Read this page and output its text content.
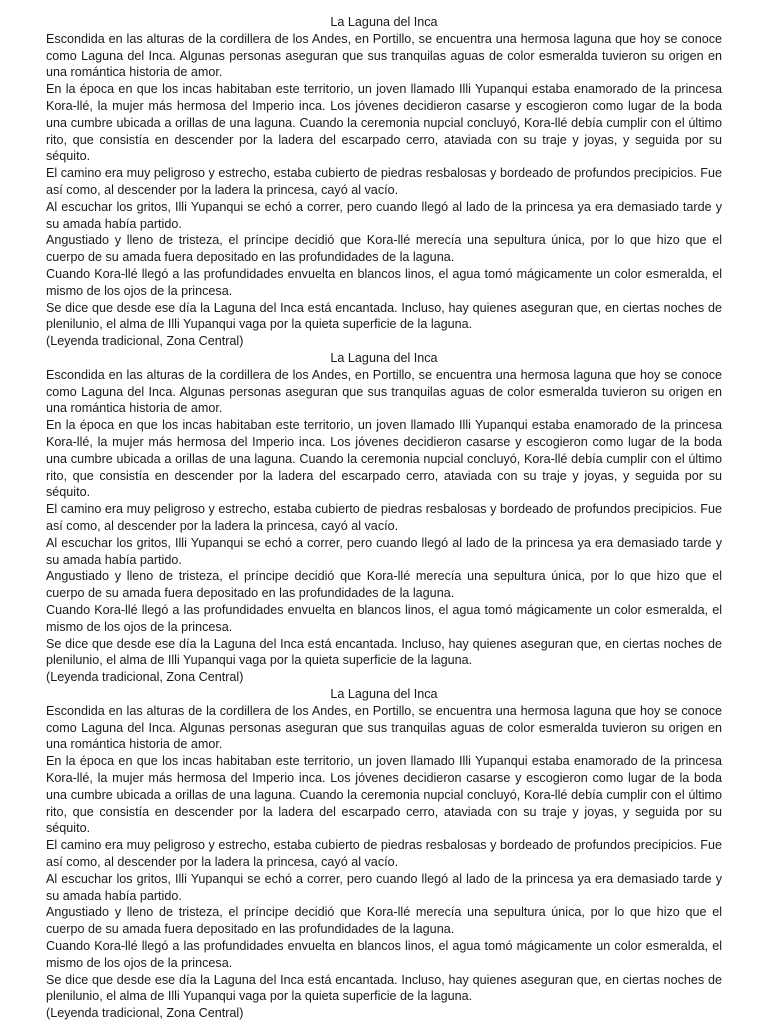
La Laguna del Inca

Escondida en las alturas de la cordillera de los Andes, en Portillo, se encuentra una hermosa laguna que hoy se conoce como Laguna del Inca. Algunas personas aseguran que sus tranquilas aguas de color esmeralda tuvieron su origen en una romántica historia de amor.

En la época en que los incas habitaban este territorio, un joven llamado Illi Yupanqui estaba enamorado de la princesa Kora-llé, la mujer más hermosa del Imperio inca. Los jóvenes decidieron casarse y escogieron como lugar de la boda una cumbre ubicada a orillas de una laguna. Cuando la ceremonia nupcial concluyó, Kora-llé debía cumplir con el último rito, que consistía en descender por la ladera del escarpado cerro, ataviada con su traje y joyas, y seguida por su séquito.

El camino era muy peligroso y estrecho, estaba cubierto de piedras resbalosas y bordeado de profundos precipicios. Fue así como, al descender por la ladera la princesa, cayó al vacío.

Al escuchar los gritos, Illi Yupanqui se echó a correr, pero cuando llegó al lado de la princesa ya era demasiado tarde y su amada había partido.

Angustiado y lleno de tristeza, el príncipe decidió que Kora-llé merecía una sepultura única, por lo que hizo que el cuerpo de su amada fuera depositado en las profundidades de la laguna.

Cuando Kora-llé llegó a las profundidades envuelta en blancos linos, el agua tomó mágicamente un color esmeralda, el mismo de los ojos de la princesa.

Se dice que desde ese día la Laguna del Inca está encantada. Incluso, hay quienes aseguran que, en ciertas noches de plenilunio, el alma de Illi Yupanqui vaga por la quieta superficie de la laguna.

(Leyenda tradicional, Zona Central)

La Laguna del Inca

Escondida en las alturas de la cordillera de los Andes, en Portillo, se encuentra una hermosa laguna que hoy se conoce como Laguna del Inca. Algunas personas aseguran que sus tranquilas aguas de color esmeralda tuvieron su origen en una romántica historia de amor.

En la época en que los incas habitaban este territorio, un joven llamado Illi Yupanqui estaba enamorado de la princesa Kora-llé, la mujer más hermosa del Imperio inca. Los jóvenes decidieron casarse y escogieron como lugar de la boda una cumbre ubicada a orillas de una laguna. Cuando la ceremonia nupcial concluyó, Kora-llé debía cumplir con el último rito, que consistía en descender por la ladera del escarpado cerro, ataviada con su traje y joyas, y seguida por su séquito.

El camino era muy peligroso y estrecho, estaba cubierto de piedras resbalosas y bordeado de profundos precipicios. Fue así como, al descender por la ladera la princesa, cayó al vacío.

Al escuchar los gritos, Illi Yupanqui se echó a correr, pero cuando llegó al lado de la princesa ya era demasiado tarde y su amada había partido.

Angustiado y lleno de tristeza, el príncipe decidió que Kora-llé merecía una sepultura única, por lo que hizo que el cuerpo de su amada fuera depositado en las profundidades de la laguna.

Cuando Kora-llé llegó a las profundidades envuelta en blancos linos, el agua tomó mágicamente un color esmeralda, el mismo de los ojos de la princesa.

Se dice que desde ese día la Laguna del Inca está encantada. Incluso, hay quienes aseguran que, en ciertas noches de plenilunio, el alma de Illi Yupanqui vaga por la quieta superficie de la laguna.

(Leyenda tradicional, Zona Central)

La Laguna del Inca

Escondida en las alturas de la cordillera de los Andes, en Portillo, se encuentra una hermosa laguna que hoy se conoce como Laguna del Inca. Algunas personas aseguran que sus tranquilas aguas de color esmeralda tuvieron su origen en una romántica historia de amor.

En la época en que los incas habitaban este territorio, un joven llamado Illi Yupanqui estaba enamorado de la princesa Kora-llé, la mujer más hermosa del Imperio inca. Los jóvenes decidieron casarse y escogieron como lugar de la boda una cumbre ubicada a orillas de una laguna. Cuando la ceremonia nupcial concluyó, Kora-llé debía cumplir con el último rito, que consistía en descender por la ladera del escarpado cerro, ataviada con su traje y joyas, y seguida por su séquito.

El camino era muy peligroso y estrecho, estaba cubierto de piedras resbalosas y bordeado de profundos precipicios. Fue así como, al descender por la ladera la princesa, cayó al vacío.

Al escuchar los gritos, Illi Yupanqui se echó a correr, pero cuando llegó al lado de la princesa ya era demasiado tarde y su amada había partido.

Angustiado y lleno de tristeza, el príncipe decidió que Kora-llé merecía una sepultura única, por lo que hizo que el cuerpo de su amada fuera depositado en las profundidades de la laguna.

Cuando Kora-llé llegó a las profundidades envuelta en blancos linos, el agua tomó mágicamente un color esmeralda, el mismo de los ojos de la princesa.

Se dice que desde ese día la Laguna del Inca está encantada. Incluso, hay quienes aseguran que, en ciertas noches de plenilunio, el alma de Illi Yupanqui vaga por la quieta superficie de la laguna.

(Leyenda tradicional, Zona Central)
